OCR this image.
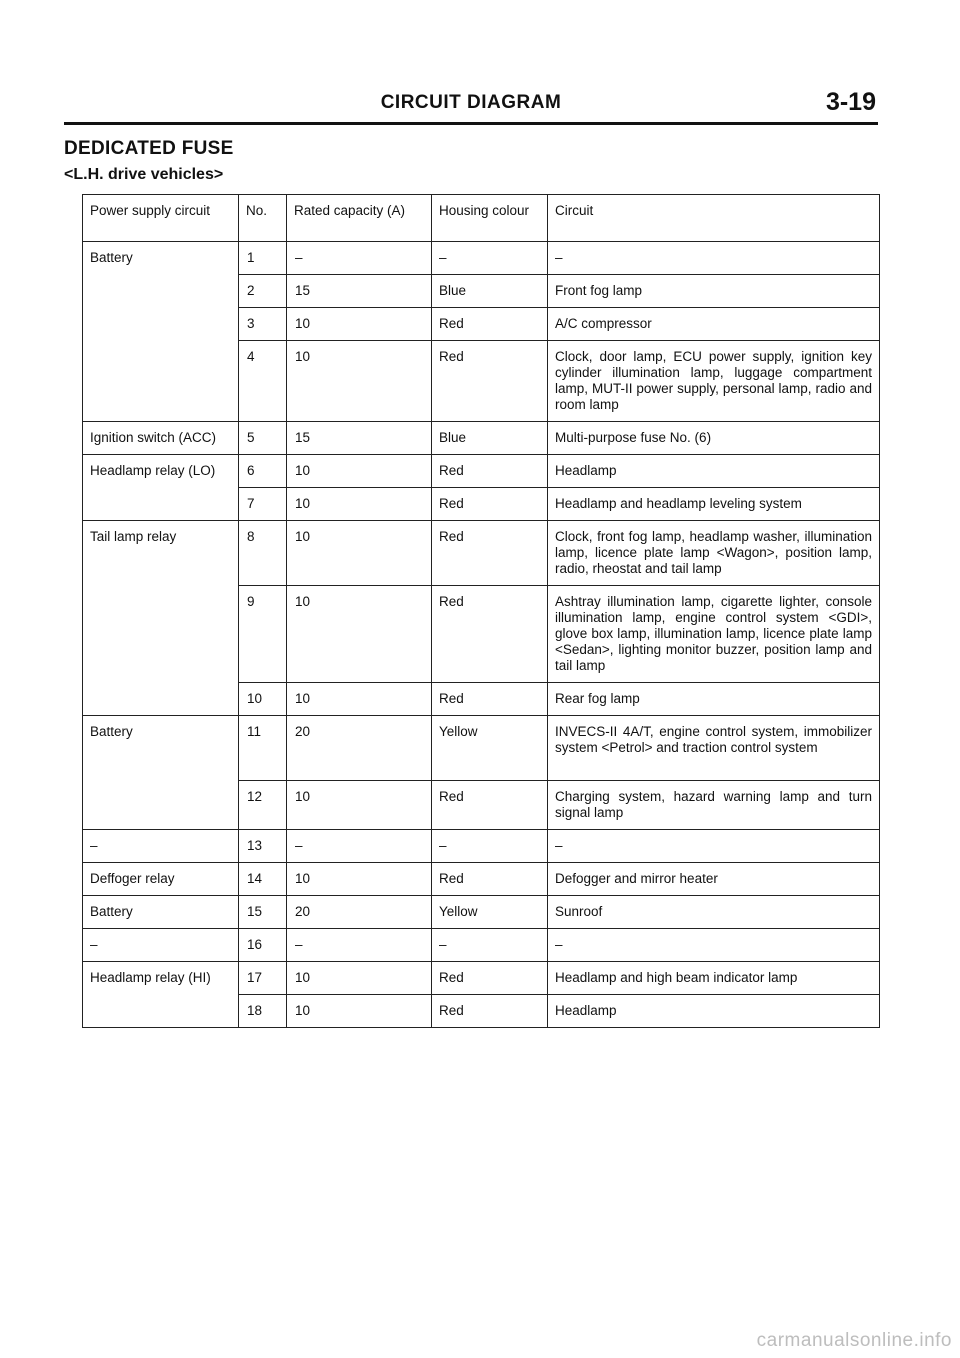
CIRCUIT DIAGRAM	3-19
DEDICATED FUSE
<L.H. drive vehicles>
Power supply circuit	No.	Rated capacity (A)	Housing colour	Circuit
Battery	1	–	–	–
	2	15	Blue	Front fog lamp
	3	10	Red	A/C compressor
	4	10	Red	Clock, door lamp, ECU power supply, ignition key cylinder illumination lamp, luggage compartment lamp, MUT-II power supply, personal lamp, radio and room lamp
Ignition switch (ACC)	5	15	Blue	Multi-purpose fuse No. (6)
Headlamp relay (LO)	6	10	Red	Headlamp
	7	10	Red	Headlamp and headlamp leveling system
Tail lamp relay	8	10	Red	Clock, front fog lamp, headlamp washer, illumination lamp, licence plate lamp <Wagon>, position lamp, radio, rheostat and tail lamp
	9	10	Red	Ashtray illumination lamp, cigarette lighter, console illumination lamp, engine control system <GDI>, glove box lamp, illumination lamp, licence plate lamp <Sedan>, lighting monitor buzzer, position lamp and tail lamp
	10	10	Red	Rear fog lamp
Battery	11	20	Yellow	INVECS-II 4A/T, engine control system, immobilizer system <Petrol> and traction control system
	12	10	Red	Charging system, hazard warning lamp and turn signal lamp
–	13	–	–	–
Deffoger relay	14	10	Red	Defogger and mirror heater
Battery	15	20	Yellow	Sunroof
–	16	–	–	–
Headlamp relay (HI)	17	10	Red	Headlamp and high beam indicator lamp
	18	10	Red	Headlamp
carmanualsonline.info
